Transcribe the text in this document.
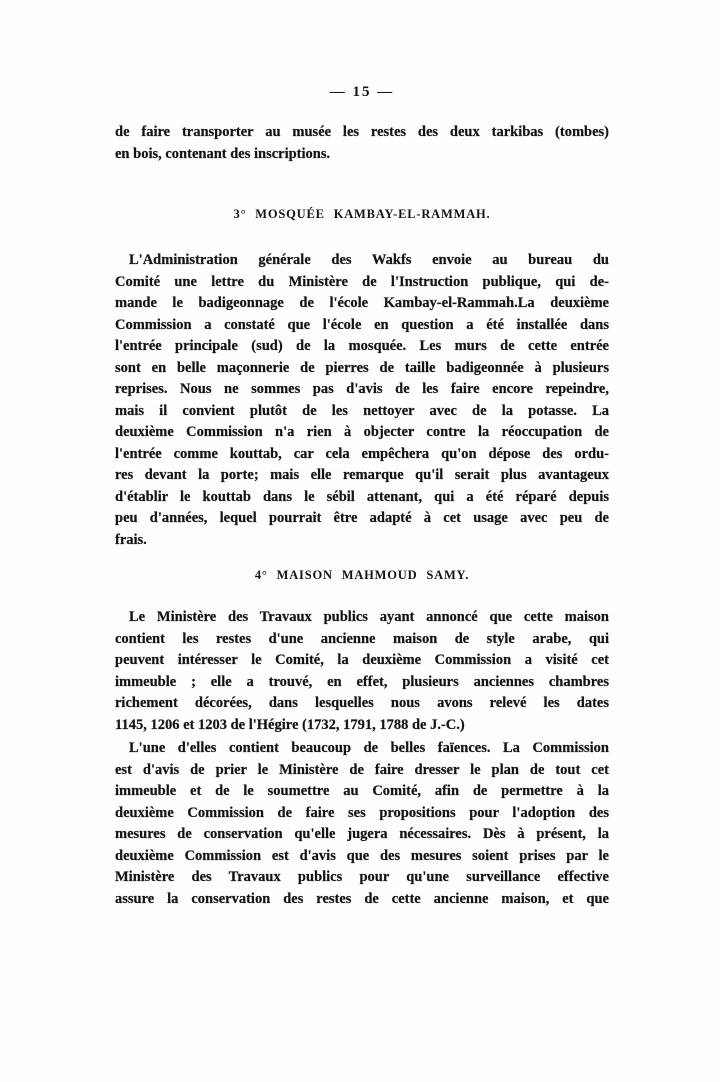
— 15 —
de faire transporter au musée les restes des deux tarkibas (tombes)
en bois, contenant des inscriptions.
3° MOSQUÉE KAMBAY-EL-RAMMAH.
L'Administration générale des Wakfs envoie au bureau du
Comité une lettre du Ministère de l'Instruction publique, qui de-
mande le badigeonnage de l'école Kambay-el-Rammah.La deuxième
Commission a constaté que l'école en question a été installée dans
l'entrée principale (sud) de la mosquée. Les murs de cette entrée
sont en belle maçonnerie de pierres de taille badigeonnée à plusieurs
reprises. Nous ne sommes pas d'avis de les faire encore repeindre,
mais il convient plutôt de les nettoyer avec de la potasse. La
deuxième Commission n'a rien à objecter contre la réoccupation de
l'entrée comme kouttab, car cela empêchera qu'on dépose des ordu-
res devant la porte; mais elle remarque qu'il serait plus avantageux
d'établir le kouttab dans le sébil attenant, qui a été réparé depuis
peu d'années, lequel pourrait être adapté à cet usage avec peu de
frais.
4° MAISON MAHMOUD SAMY.
Le Ministère des Travaux publics ayant annoncé que cette maison
contient les restes d'une ancienne maison de style arabe, qui
peuvent intéresser le Comité, la deuxième Commission a visité cet
immeuble ; elle a trouvé, en effet, plusieurs anciennes chambres
richement décorées, dans lesquelles nous avons relevé les dates
1145, 1206 et 1203 de l'Hégire (1732, 1791, 1788 de J.-C.)
L'une d'elles contient beaucoup de belles faïences. La Commission
est d'avis de prier le Ministère de faire dresser le plan de tout cet
immeuble et de le soumettre au Comité, afin de permettre à la
deuxième Commission de faire ses propositions pour l'adoption des
mesures de conservation qu'elle jugera nécessaires. Dès à présent, la
deuxième Commission est d'avis que des mesures soient prises par le
Ministère des Travaux publics pour qu'une surveillance effective
assure la conservation des restes de cette ancienne maison, et que
